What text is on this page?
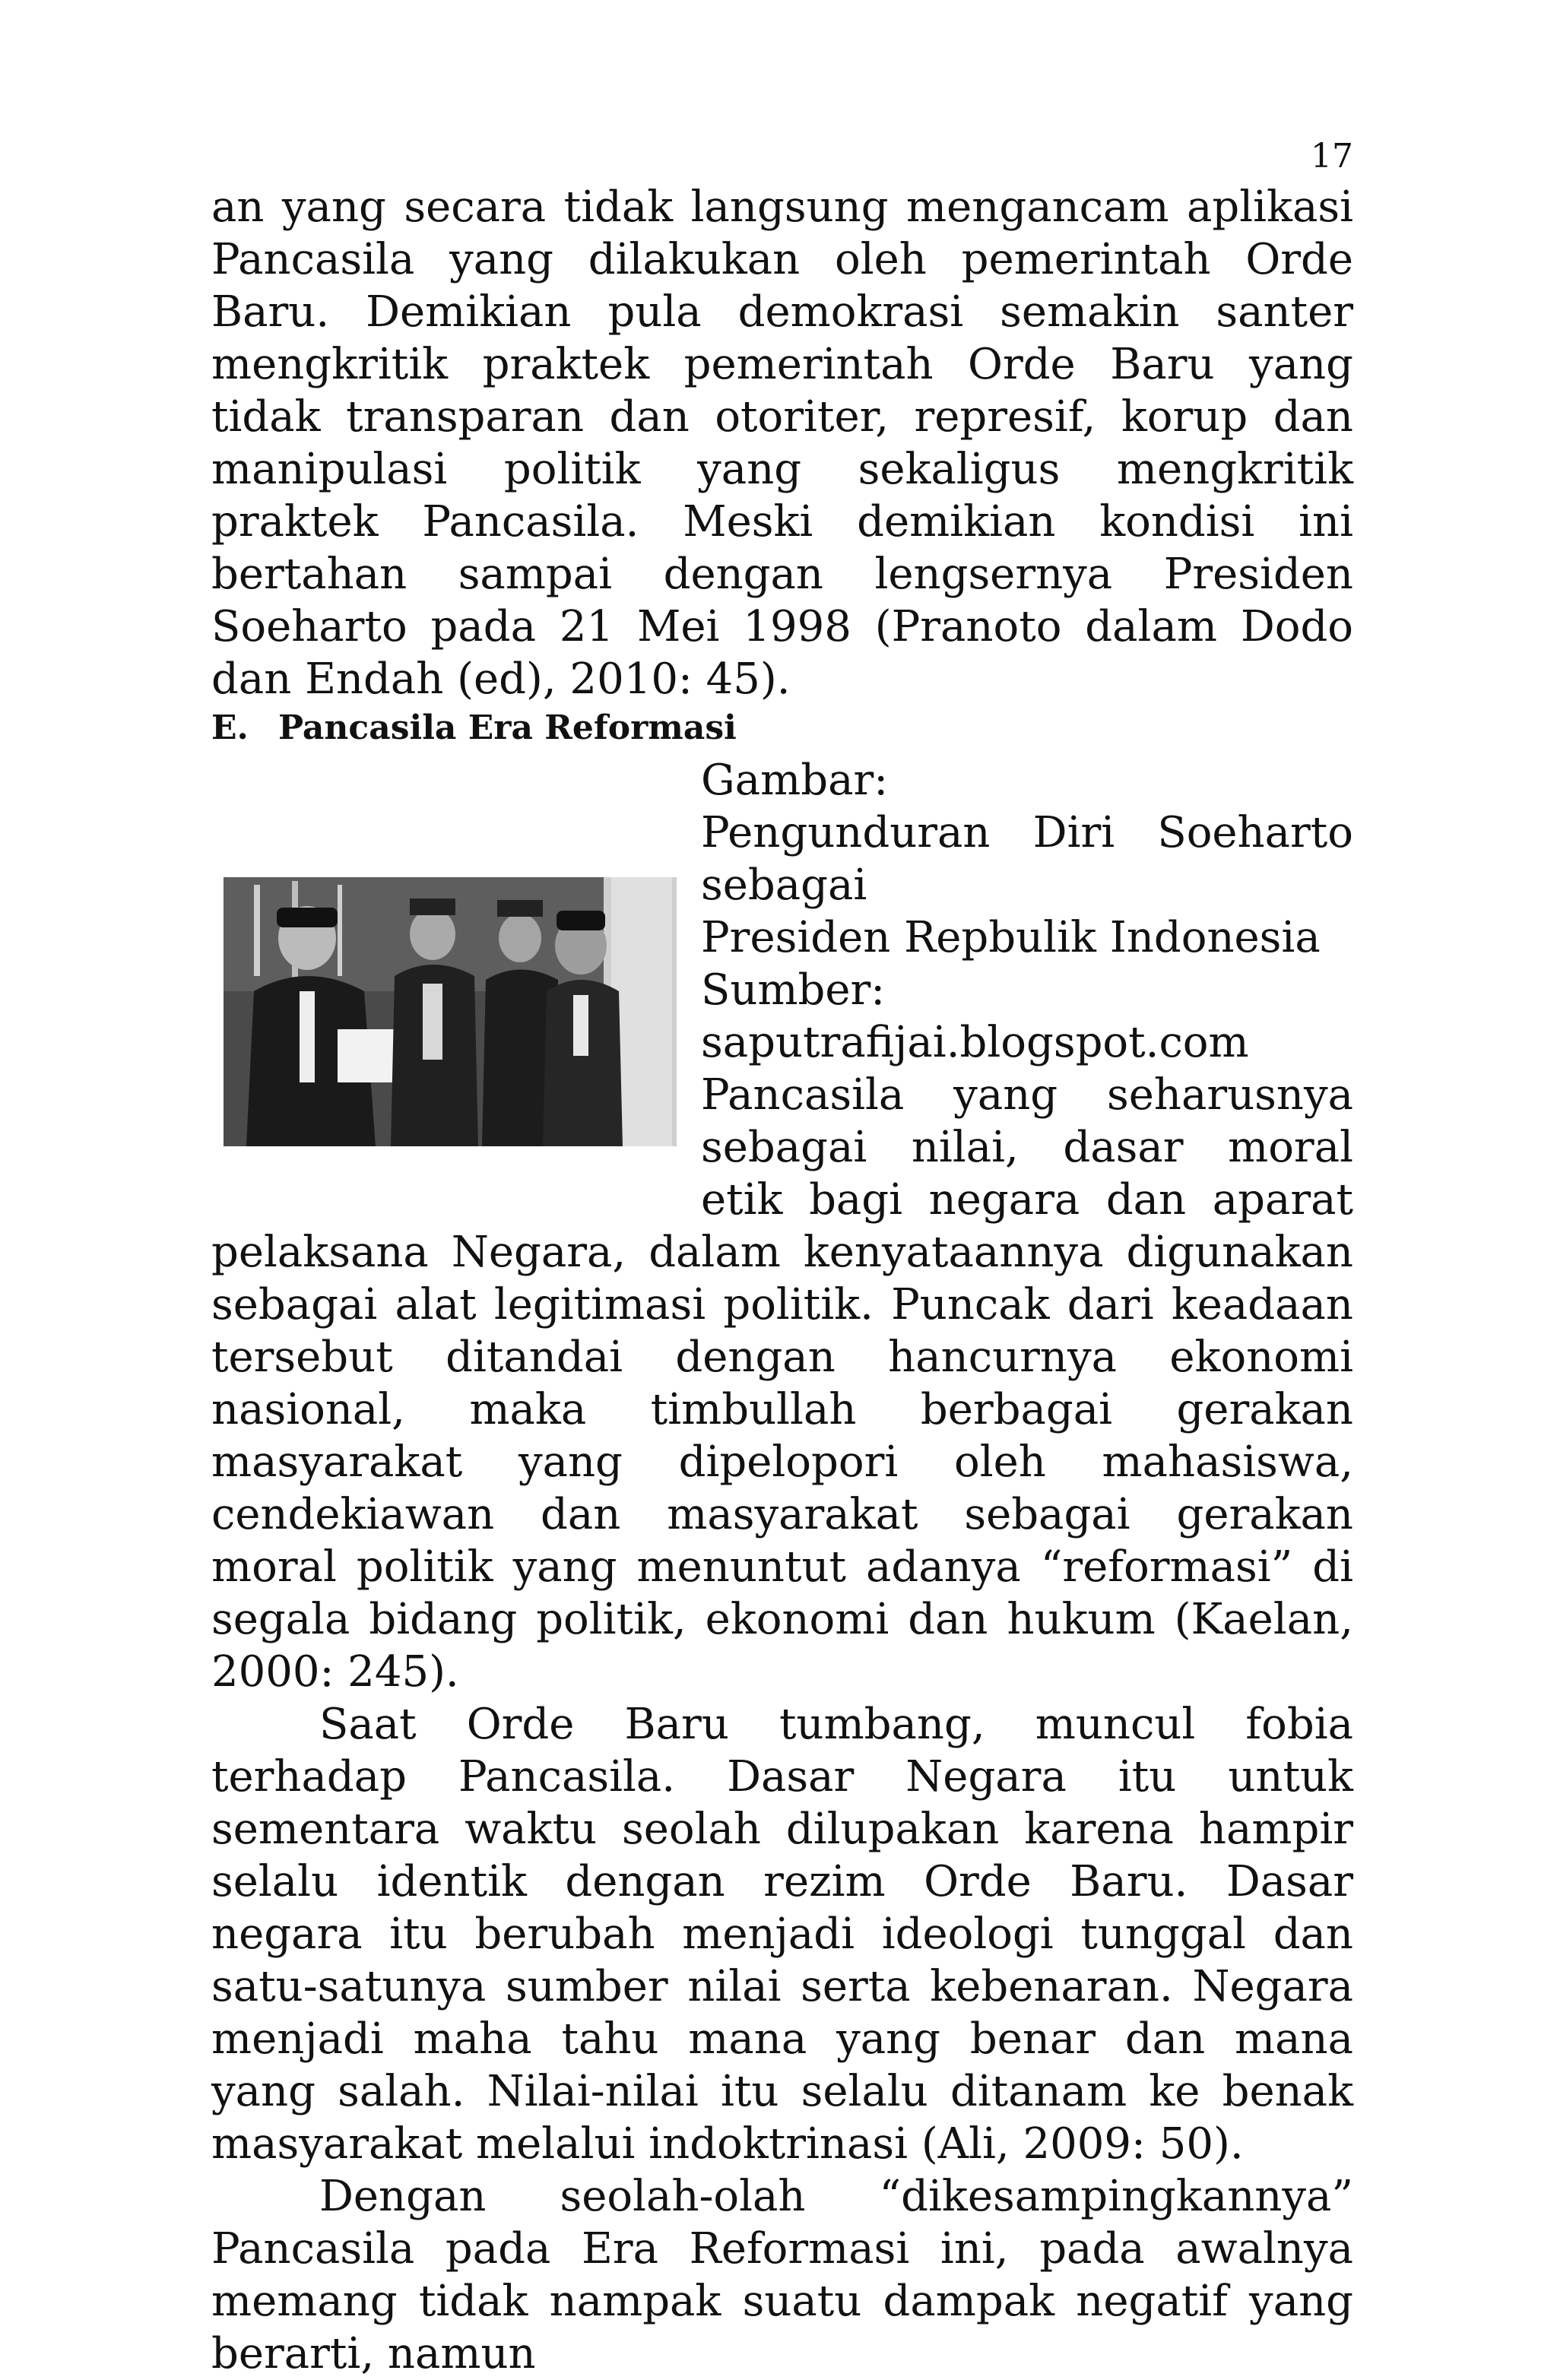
17

an yang secara tidak langsung mengancam aplikasi Pancasila yang dilakukan oleh pemerintah Orde Baru. Demikian pula demokrasi semakin santer mengkritik praktek pemerintah Orde Baru yang tidak transparan dan otoriter, represif, korup dan manipulasi politik yang sekaligus mengkritik praktek Pancasila. Meski demikian kondisi ini bertahan sampai dengan lengsernya Presiden Soeharto pada 21 Mei 1998 (Pranoto dalam Dodo dan Endah (ed), 2010: 45).

E. Pancasila Era Reformasi

Gambar:
Pengunduran Diri Soeharto sebagai
Presiden Repbulik Indonesia
Sumber: saputrafijai.blogspot.com
Pancasila yang seharusnya sebagai nilai, dasar moral etik bagi negara dan aparat pelaksana Negara, dalam kenyataannya digunakan sebagai alat legitimasi politik. Puncak dari keadaan tersebut ditandai dengan hancurnya ekonomi nasional, maka timbullah berbagai gerakan masyarakat yang dipelopori oleh mahasiswa, cendekiawan dan masyarakat sebagai gerakan moral politik yang menuntut adanya “reformasi” di segala bidang politik, ekonomi dan hukum (Kaelan, 2000: 245).

Saat Orde Baru tumbang, muncul fobia terhadap Pancasila. Dasar Negara itu untuk sementara waktu seolah dilupakan karena hampir selalu identik dengan rezim Orde Baru. Dasar negara itu berubah menjadi ideologi tunggal dan satu-satunya sumber nilai serta kebenaran. Negara menjadi maha tahu mana yang benar dan mana yang salah. Nilai-nilai itu selalu ditanam ke benak masyarakat melalui indoktrinasi (Ali, 2009: 50).

Dengan seolah-olah “dikesampingkannya” Pancasila pada Era Reformasi ini, pada awalnya memang tidak nampak suatu dampak negatif yang berarti, namun
